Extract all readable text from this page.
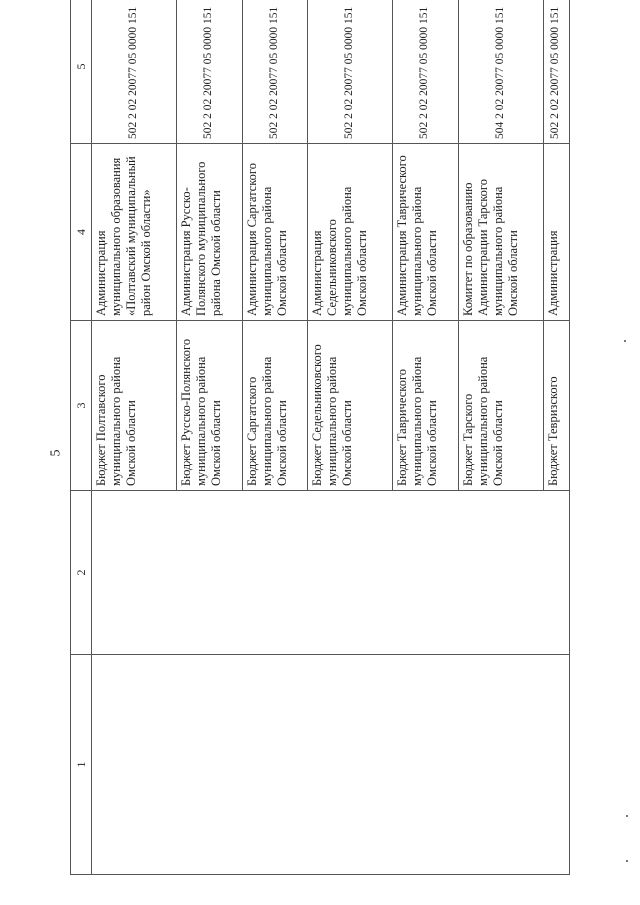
5
1	2	3	4	5
		Бюджет Полтавского муниципального района Омской области	Администрация муниципального образования «Полтавский муниципальный район Омской области»	502 2 02 20077 05 0000 151
		Бюджет Русско-Полянского муниципального района Омской области	Администрация Русско-Полянского муниципального района Омской области	502 2 02 20077 05 0000 151
		Бюджет Саргатского муниципального района Омской области	Администрация Саргатского муниципального района Омской области	502 2 02 20077 05 0000 151
		Бюджет Седельниковского муниципального района Омской области	Администрация Седельниковского муниципального района Омской области	502 2 02 20077 05 0000 151
		Бюджет Таврического муниципального района Омской области	Администрация Таврического муниципального района Омской области	502 2 02 20077 05 0000 151
		Бюджет Тарского муниципального района Омской области	Комитет по образованию Администрации Тарского муниципального района Омской области	504 2 02 20077 05 0000 151
		Бюджет Тевризского	Администрация	502 2 02 20077 05 0000 151
